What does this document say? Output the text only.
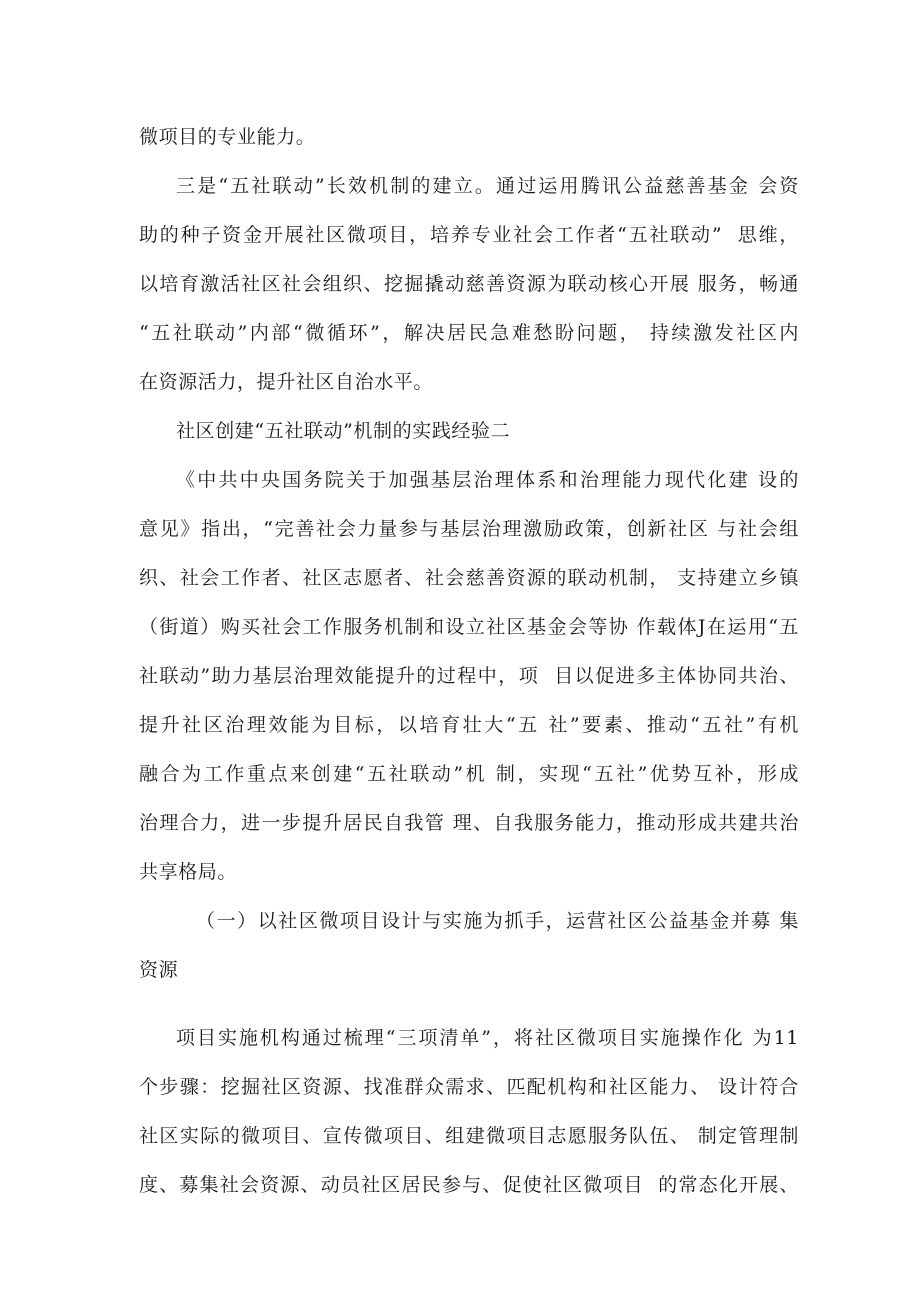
微项目的专业能力。
三是“五社联动”长效机制的建立。通过运用腾讯公益慈善基金 会资
助的种子资金开展社区微项目，培养专业社会工作者“五社联动”  思维，
以培育激活社区社会组织、挖掘撬动慈善资源为联动核心开展 服务，畅通
“五社联动”内部“微循环”，解决居民急难愁盼问题， 持续激发社区内
在资源活力，提升社区自治水平。
社区创建“五社联动”机制的实践经验二
《中共中央国务院关于加强基层治理体系和治理能力现代化建 设的
意见》指出，“完善社会力量参与基层治理激励政策，创新社区 与社会组
织、社会工作者、社区志愿者、社会慈善资源的联动机制， 支持建立乡镇
（街道）购买社会工作服务机制和设立社区基金会等协 作载体J在运用“五
社联动”助力基层治理效能提升的过程中，项  目以促进多主体协同共治、
提升社区治理效能为目标，以培育壮大“五 社”要素、推动“五社”有机
融合为工作重点来创建“五社联动”机 制，实现“五社”优势互补，形成
治理合力，进一步提升居民自我管 理、自我服务能力，推动形成共建共治
共享格局。
（一）以社区微项目设计与实施为抓手，运营社区公益基金并募 集
资源
项目实施机构通过梳理“三项清单”，将社区微项目实施操作化 为11
个步骤：挖掘社区资源、找准群众需求、匹配机构和社区能力、 设计符合
社区实际的微项目、宣传微项目、组建微项目志愿服务队伍、 制定管理制
度、募集社会资源、动员社区居民参与、促使社区微项目  的常态化开展、
